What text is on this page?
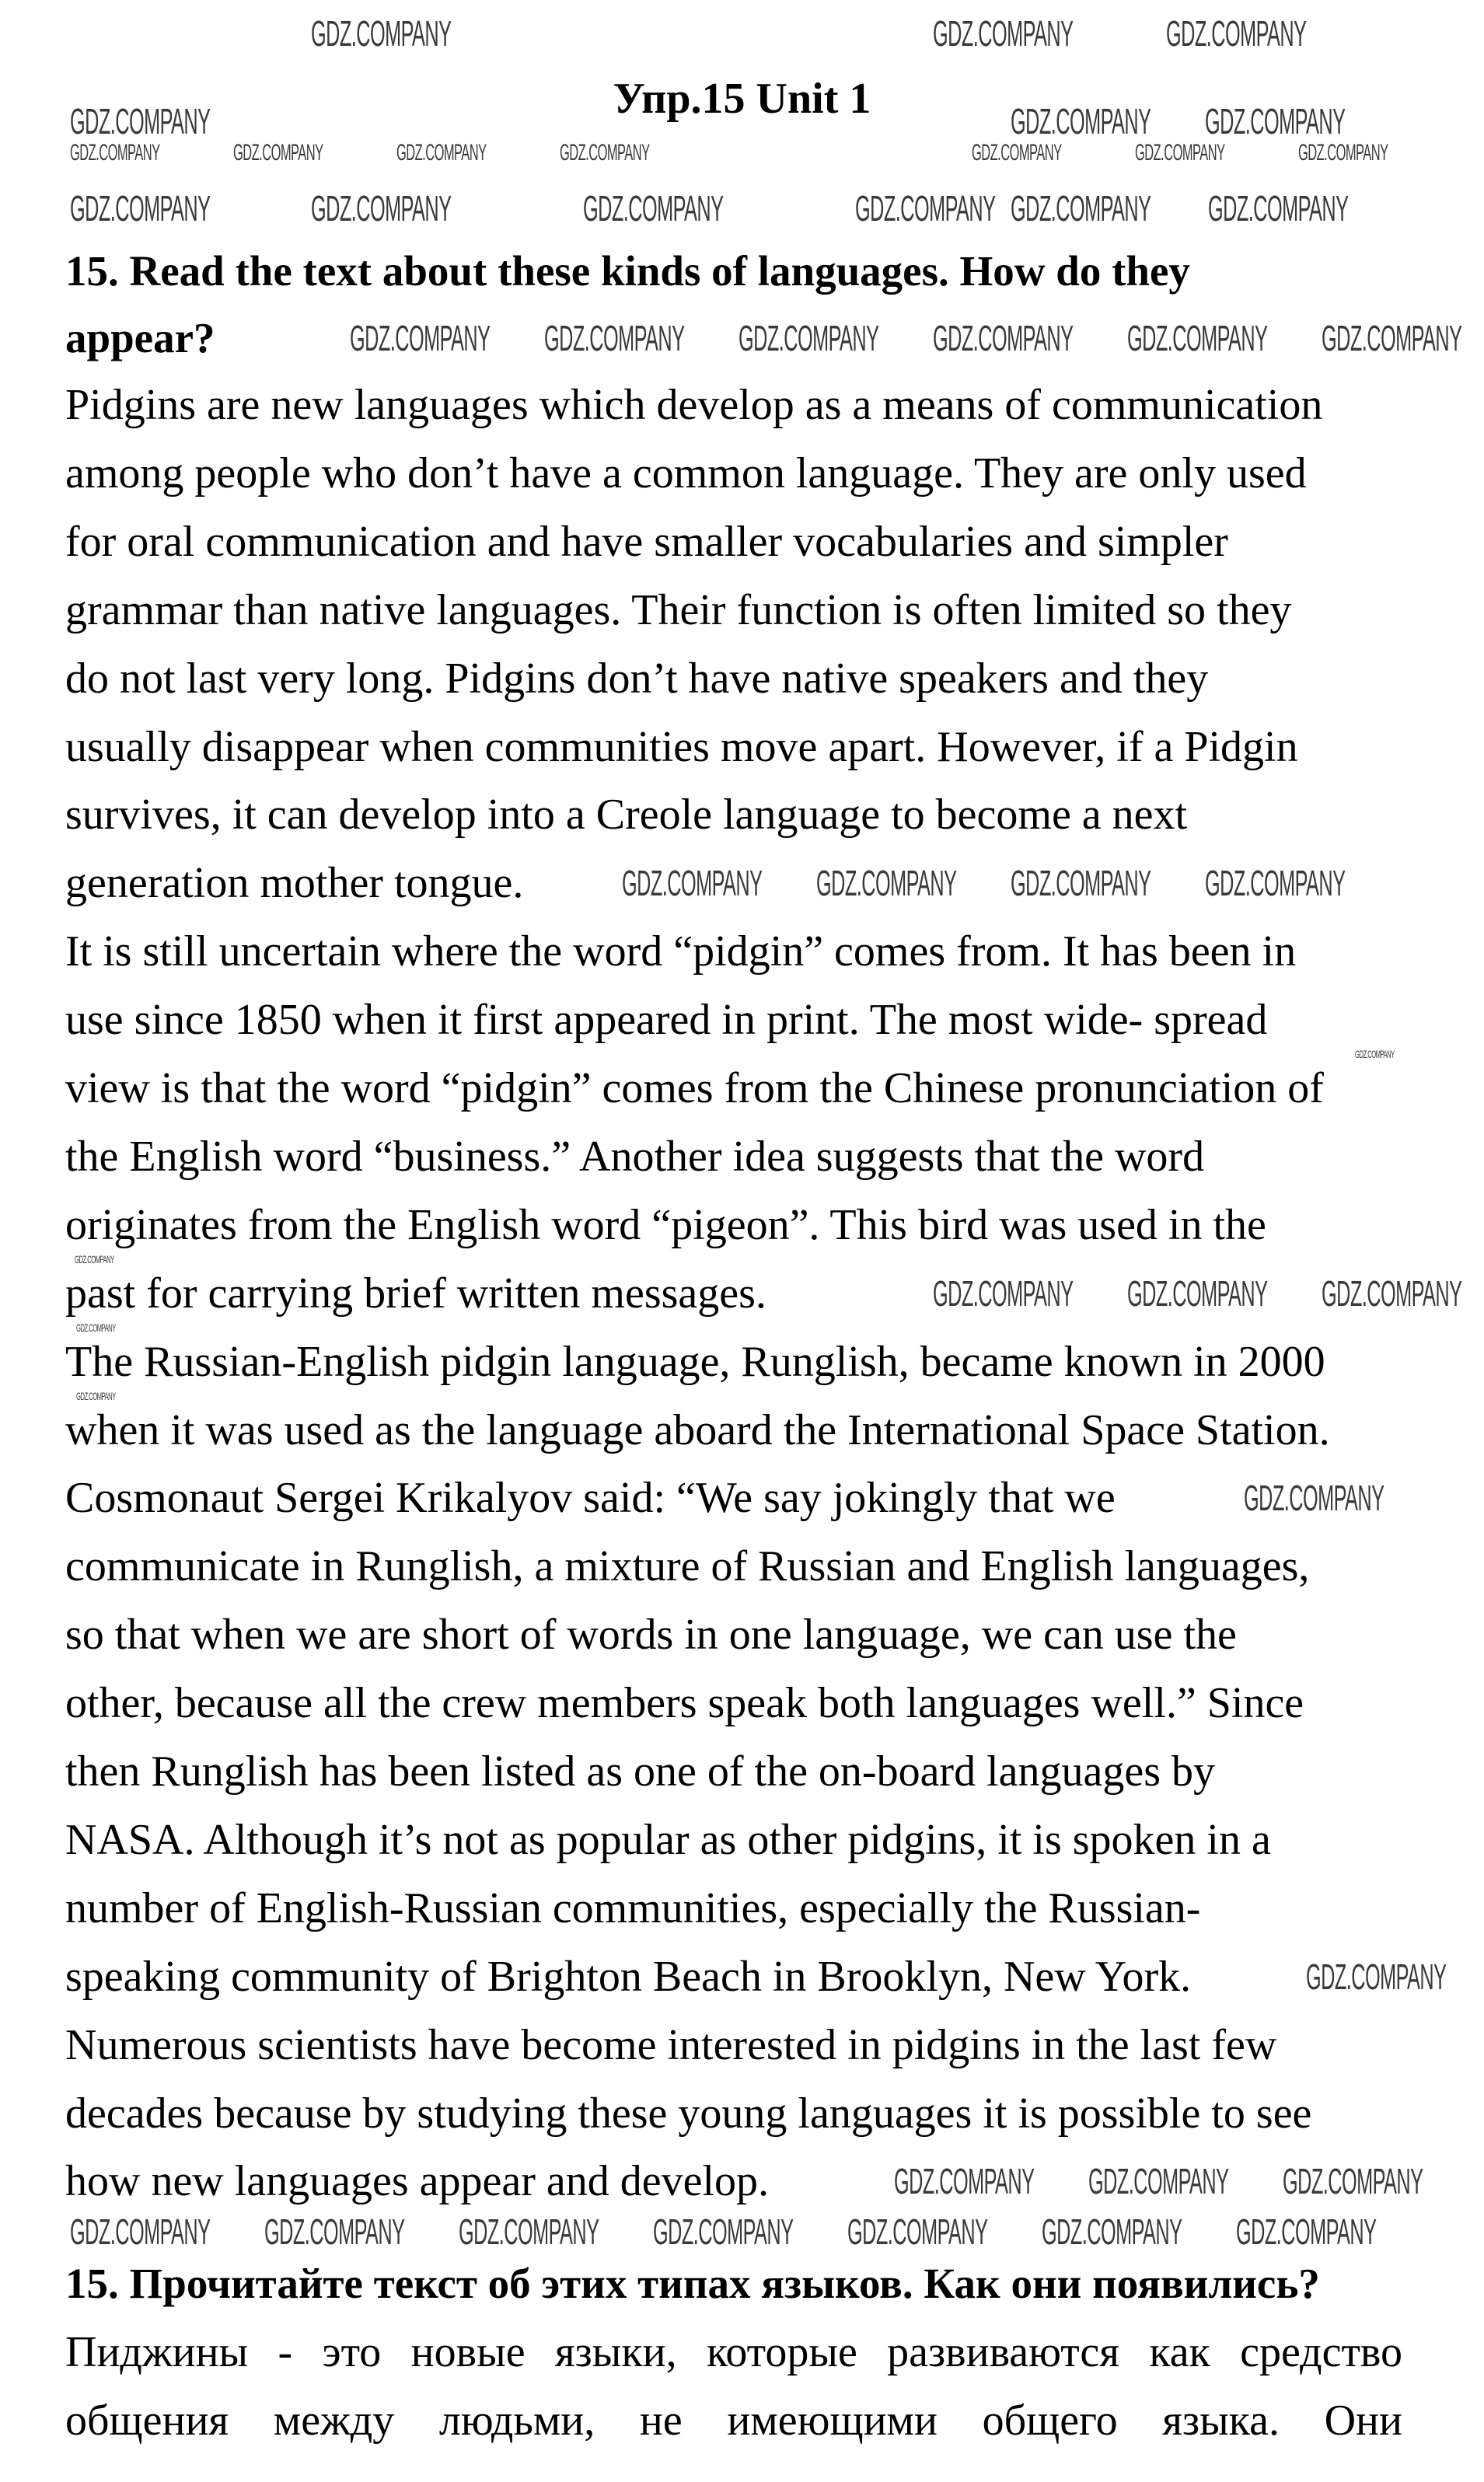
Упр.15 Unit 1
15. Read the text about these kinds of languages. How do they
appear?
Pidgins are new languages which develop as a means of communication
among people who don’t have a common language. They are only used
for oral communication and have smaller vocabularies and simpler
grammar than native languages. Their function is often limited so they
do not last very long. Pidgins don’t have native speakers and they
usually disappear when communities move apart. However, if a Pidgin
survives, it can develop into a Creole language to become a next
generation mother tongue.
It is still uncertain where the word “pidgin” comes from. It has been in
use since 1850 when it first appeared in print. The most wide- spread
view is that the word “pidgin” comes from the Chinese pronunciation of
the English word “business.” Another idea suggests that the word
originates from the English word “pigeon”. This bird was used in the
past for carrying brief written messages.
The Russian-English pidgin language, Runglish, became known in 2000
when it was used as the language aboard the International Space Station.
Cosmonaut Sergei Krikalyov said: “We say jokingly that we
communicate in Runglish, a mixture of Russian and English languages,
so that when we are short of words in one language, we can use the
other, because all the crew members speak both languages well.” Since
then Runglish has been listed as one of the on-board languages by
NASA. Although it’s not as popular as other pidgins, it is spoken in a
number of English-Russian communities, especially the Russian-
speaking community of Brighton Beach in Brooklyn, New York.
Numerous scientists have become interested in pidgins in the last few
decades because by studying these young languages it is possible to see
how new languages appear and develop.
15. Прочитайте текст об этих типах языков. Как они появились?
Пиджины - это новые языки, которые развиваются как средство
общения между людьми, не имеющими общего языка. Они
GDZ.COMPANY	GDZ.COMPANY GDZ.COMPANY
GDZ.COMPANY	GDZ.COMPANY	GDZ.COMPANY
GDZ.COMPANY	GDZ.COMPANY	GDZ.COMPANY	GDZ.COMPANY GDZ.COMPANY GDZ.COMPANY
GDZ.COMPANY GDZ.COMPANY GDZ.COMPANY GDZ.COMPANY GDZ.COMPANY GDZ.COMPANY
GDZ.COMPANY GDZ.COMPANY GDZ.COMPANY GDZ.COMPANY
GDZ.COMPANY GDZ.COMPANY GDZ.COMPANY
GDZ.COMPANY
GDZ.COMPANY
GDZ.COMPANY GDZ.COMPANY GDZ.COMPANY
GDZ.COMPANY GDZ.COMPANY GDZ.COMPANY GDZ.COMPANY GDZ.COMPANY GDZ.COMPANY GDZ.COMPANY
GDZ.COMPANY	GDZ.COMPANY	GDZ.COMPANY	GDZ.COMPANY	GDZ.COMPANY	GDZ.COMPANY	GDZ.COMPANY
GDZ.COMPANY
GDZ.COMPANY
GDZ.COMPANY
GDZ.COMPANY
